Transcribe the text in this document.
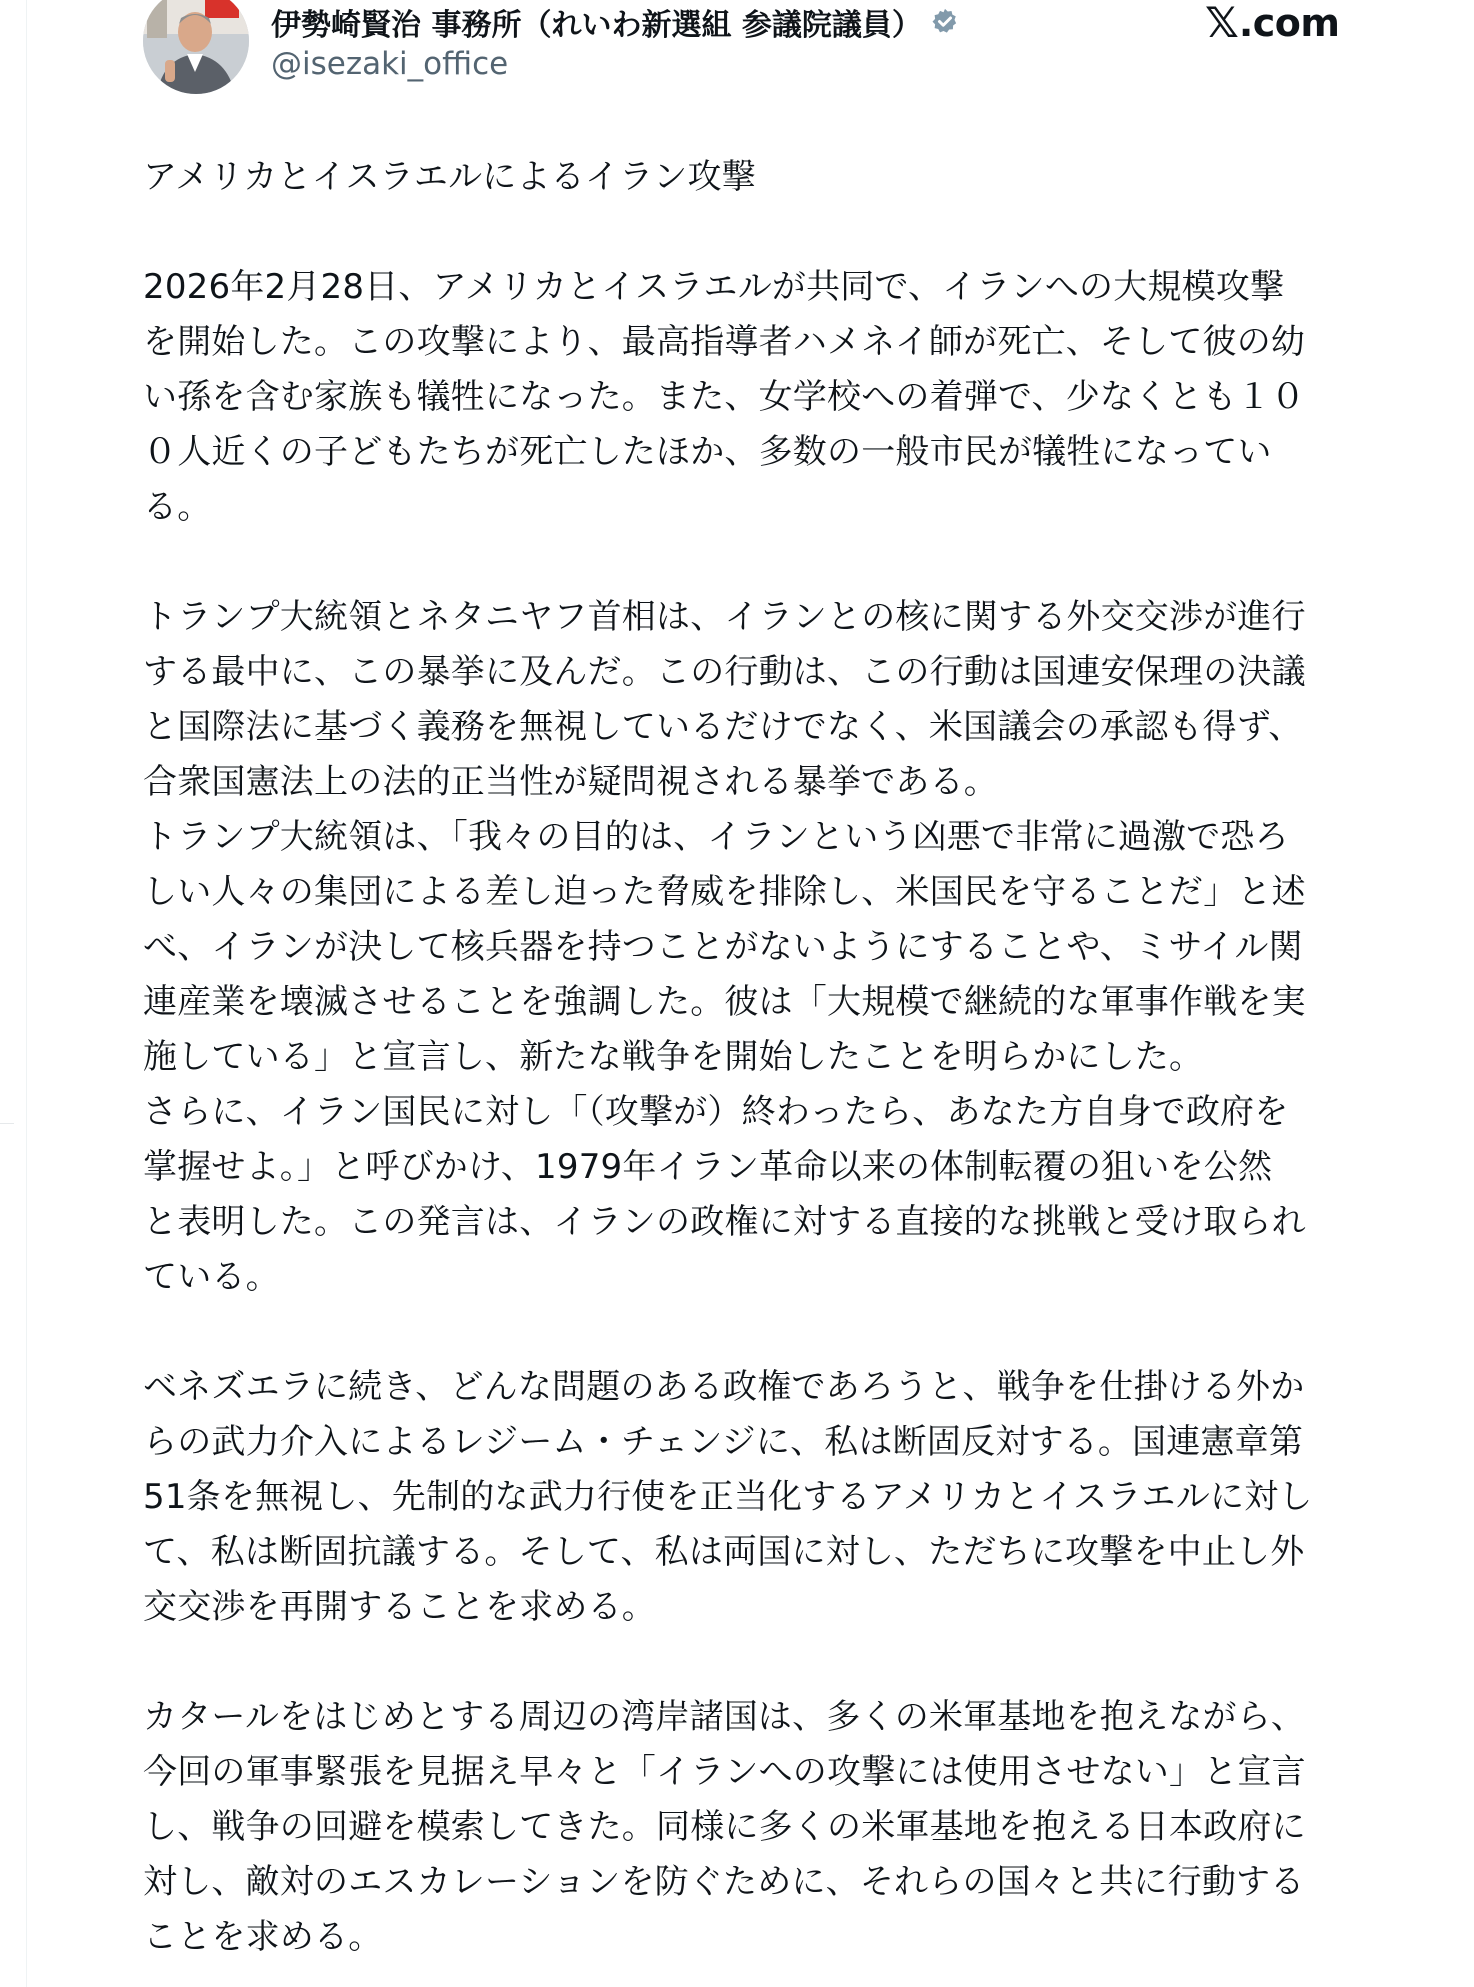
伊勢崎賢治 事務所（れいわ新選組 参議院議員）
@isezaki_office
𝕏 .com
アメリカとイスラエルによるイラン攻撃
2026年2月28日、アメリカとイスラエルが共同で、イランへの大規模攻撃
を開始した。この攻撃により、最高指導者ハメネイ師が死亡、そして彼の幼
い孫を含む家族も犠牲になった。また、女学校への着弾で、少なくとも１０
０人近くの子どもたちが死亡したほか、多数の一般市民が犠牲になってい
る。
トランプ大統領とネタニヤフ首相は、イランとの核に関する外交交渉が進行
する最中に、この暴挙に及んだ。この行動は、この行動は国連安保理の決議
と国際法に基づく義務を無視しているだけでなく、米国議会の承認も得ず、
合衆国憲法上の法的正当性が疑問視される暴挙である。
トランプ大統領は、「我々の目的は、イランという凶悪で非常に過激で恐ろ
しい人々の集団による差し迫った脅威を排除し、米国民を守ることだ」と述
べ、イランが決して核兵器を持つことがないようにすることや、ミサイル関
連産業を壊滅させることを強調した。彼は「大規模で継続的な軍事作戦を実
施している」と宣言し、新たな戦争を開始したことを明らかにした。
さらに、イラン国民に対し「（攻撃が）終わったら、あなた方自身で政府を
掌握せよ。」と呼びかけ、1979年イラン革命以来の体制転覆の狙いを公然
と表明した。この発言は、イランの政権に対する直接的な挑戦と受け取られ
ている。
ベネズエラに続き、どんな問題のある政権であろうと、戦争を仕掛ける外か
らの武力介入によるレジーム・チェンジに、私は断固反対する。国連憲章第
51条を無視し、先制的な武力行使を正当化するアメリカとイスラエルに対し
て、私は断固抗議する。そして、私は両国に対し、ただちに攻撃を中止し外
交交渉を再開することを求める。
カタールをはじめとする周辺の湾岸諸国は、多くの米軍基地を抱えながら、
今回の軍事緊張を見据え早々と「イランへの攻撃には使用させない」と宣言
し、戦争の回避を模索してきた。同様に多くの米軍基地を抱える日本政府に
対し、敵対のエスカレーションを防ぐために、それらの国々と共に行動する
ことを求める。
